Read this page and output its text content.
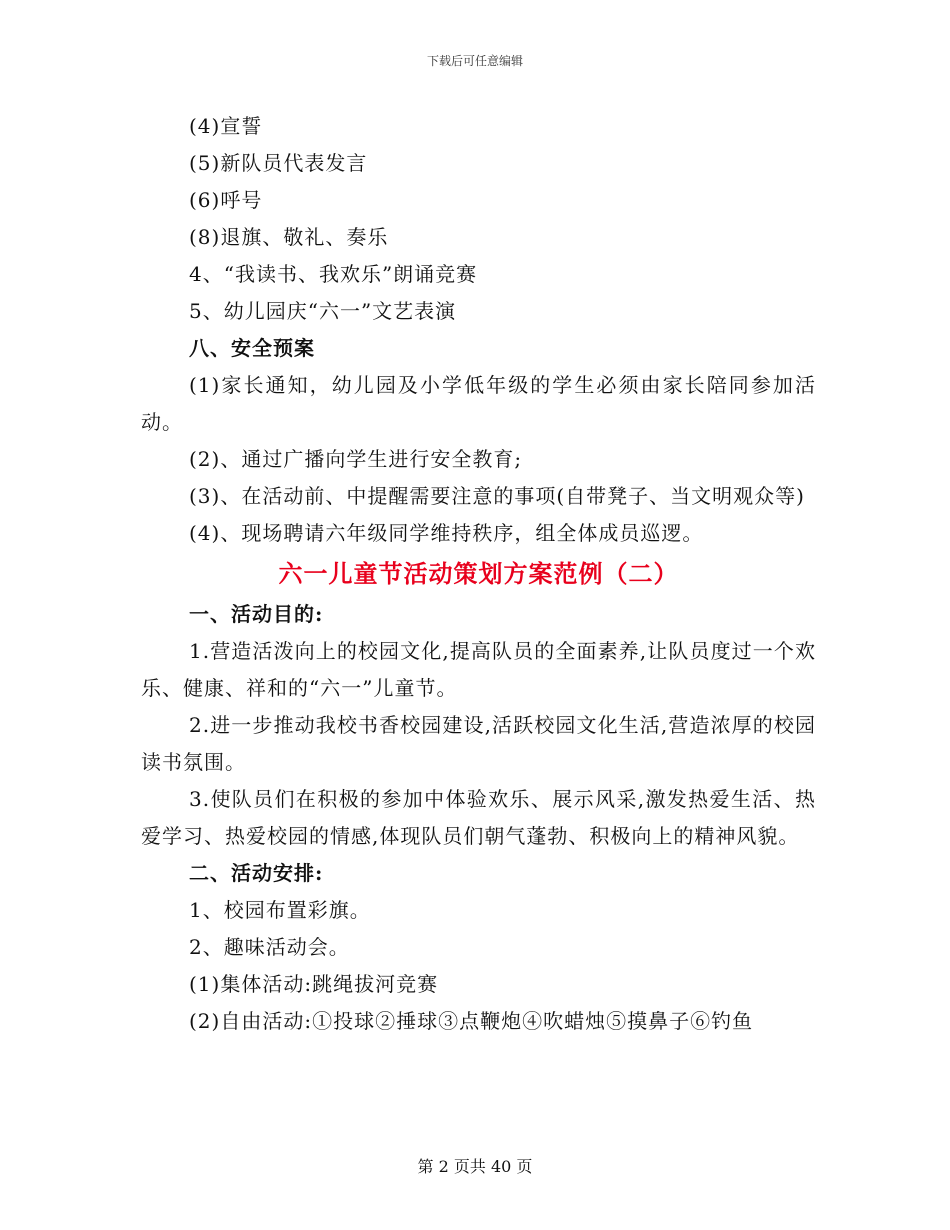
下载后可任意编辑

(4)宣誓

(5)新队员代表发言

(6)呼号

(8)退旗、敬礼、奏乐

4、“我读书、我欢乐”朗诵竞赛

5、幼儿园庆“六一”文艺表演

八、安全预案

(1)家长通知，幼儿园及小学低年级的学生必须由家长陪同参加活动。

(2)、通过广播向学生进行安全教育;

(3)、在活动前、中提醒需要注意的事项(自带凳子、当文明观众等)

(4)、现场聘请六年级同学维持秩序，组全体成员巡逻。

六一儿童节活动策划方案范例（二）

一、活动目的:

1.营造活泼向上的校园文化,提高队员的全面素养,让队员度过一个欢乐、健康、祥和的“六一”儿童节。

2.进一步推动我校书香校园建设,活跃校园文化生活,营造浓厚的校园读书氛围。

3.使队员们在积极的参加中体验欢乐、展示风采,激发热爱生活、热爱学习、热爱校园的情感,体现队员们朝气蓬勃、积极向上的精神风貌。

二、活动安排:

1、校园布置彩旗。

2、趣味活动会。

(1)集体活动:跳绳拔河竞赛

(2)自由活动:①投球②捶球③点鞭炮④吹蜡烛⑤摸鼻子⑥钓鱼

第 2 页共 40 页
